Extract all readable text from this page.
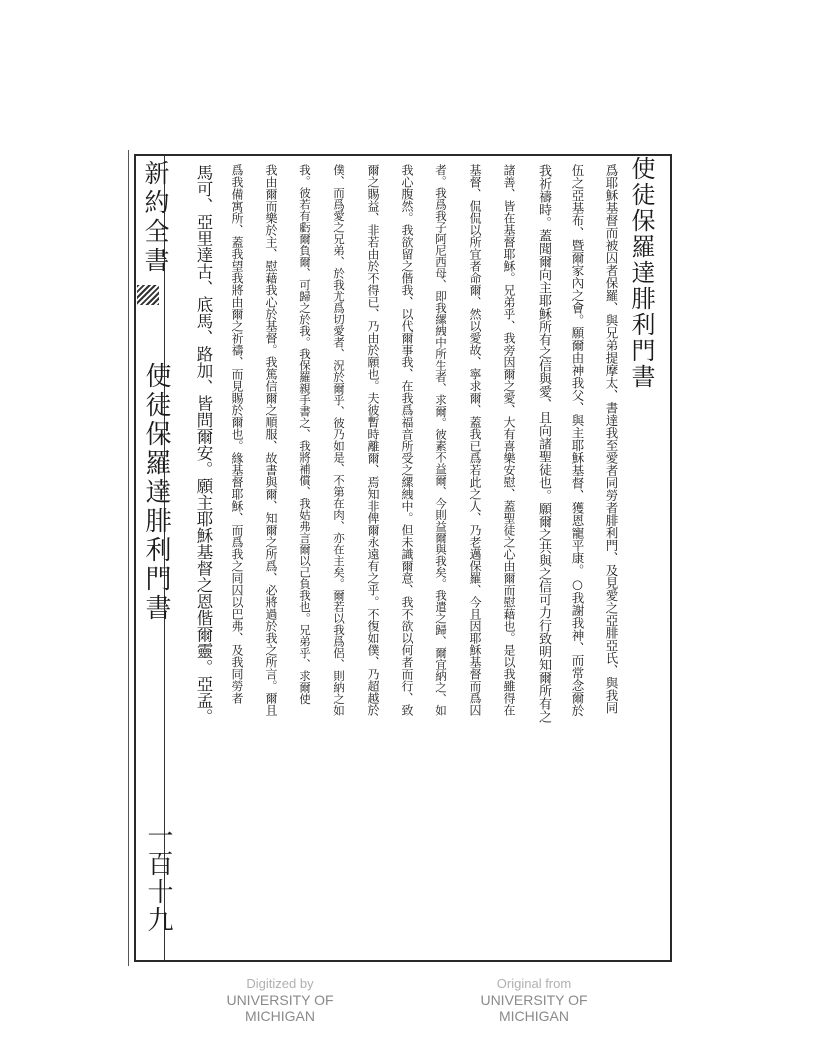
新約全書
使徒保羅達腓利門書
一百十九
使徒保羅達腓利門書
爲耶穌基督而被囚者保羅、與兄弟提摩太、書達我至愛者同勞者腓利門、及見愛之亞腓亞氏、與我同
伍之亞基布、暨爾家內之會。願爾由神我父、與主耶穌基督、獲恩寵平康。○我謝我神、而常念爾於
我祈禱時。蓋聞爾向主耶穌所有之信與愛、且向諸聖徒也。願爾之共與之信可力行致明知爾所有之
諸善、皆在基督耶穌。兄弟乎、我旁因爾之愛、大有喜樂安慰、蓋聖徒之心由爾而慰藉也。是以我雖得在
基督、侃侃以所宜者命爾、然以愛故、寧求爾、蓋我已爲若此之人、乃老邁保羅、今且因耶穌基督而爲囚
者。我爲我子阿尼西母、即我縲絏中所生者、求爾。彼素不益爾、今則益爾與我矣。我遣之歸、爾宜納之、如
我心腹然。我欲留之偕我、以代爾事我、在我爲福音所受之縲絏中。但未識爾意、我不欲以何者而行、致
爾之賜益、非若由於不得已、乃由於願也。夫彼暫時離爾、焉知非俾爾永遠有之乎。不復如僕、乃超越於
僕、而爲愛之兄弟、於我尤爲切愛者、況於爾乎、彼乃如是、不第在肉、亦在主矣。爾若以我爲侶、則納之如
我。彼若有虧爾負爾、可歸之於我。我保羅親手書之、我將補償、我姑弗言爾以己負我也。兄弟乎、求爾使
我由爾而樂於主、慰藉我心於基督。我篤信爾之順服、故書與爾、知爾之所爲、必將過於我之所言。爾且
爲我備寓所、蓋我望我將由爾之祈禱、而見賜於爾也。緣基督耶穌、而爲我之同囚以巴弗、及我同勞者
馬可、亞里達古、底馬、路加、皆問爾安。願主耶穌基督之恩偕爾靈。亞孟。
Digitized by
UNIVERSITY OF MICHIGAN
Original from
UNIVERSITY OF MICHIGAN
